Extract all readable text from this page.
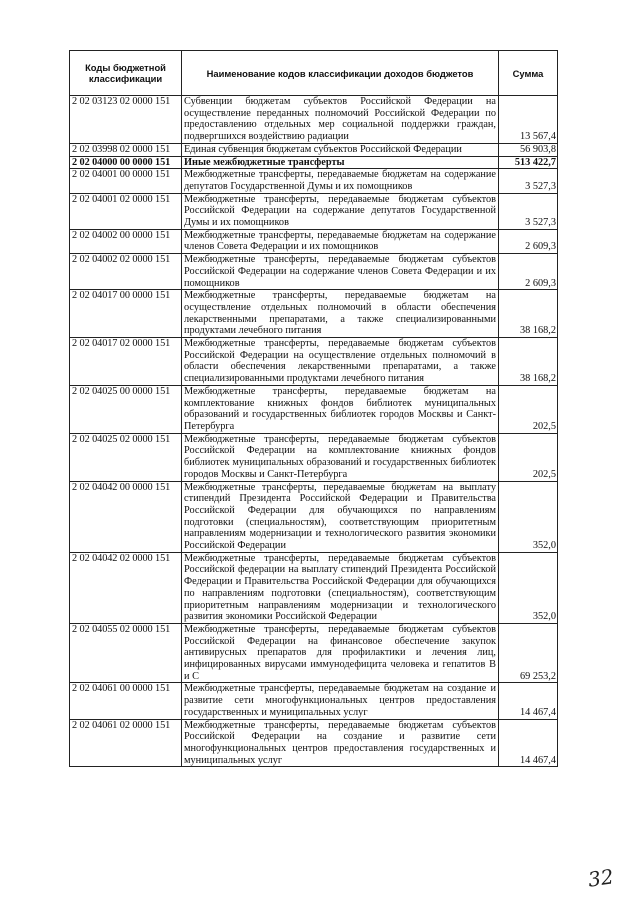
Коды бюджетной классификации	Наименование кодов классификации доходов бюджетов	Сумма
2 02 03123 02 0000 151	Субвенции бюджетам субъектов Российской Федерации на осуществление переданных полномочий Российской Федерации по предоставлению отдельных мер социальной поддержки граждан, подвергшихся воздействию радиации	13 567,4
2 02 03998 02 0000 151	Единая субвенция бюджетам субъектов Российской Федерации	56 903,8
2 02 04000 00 0000 151	Иные межбюджетные трансферты	513 422,7
2 02 04001 00 0000 151	Межбюджетные трансферты, передаваемые бюджетам на содержание депутатов Государственной Думы и их помощников	3 527,3
2 02 04001 02 0000 151	Межбюджетные трансферты, передаваемые бюджетам субъектов Российской Федерации на содержание депутатов Государственной Думы и их помощников	3 527,3
2 02 04002 00 0000 151	Межбюджетные трансферты, передаваемые бюджетам на содержание членов Совета Федерации и их помощников	2 609,3
2 02 04002 02 0000 151	Межбюджетные трансферты, передаваемые бюджетам субъектов Российской Федерации на содержание членов Совета Федерации и их помощников	2 609,3
2 02 04017 00 0000 151	Межбюджетные трансферты, передаваемые бюджетам на осуществление отдельных полномочий в области обеспечения лекарственными препаратами, а также специализированными продуктами лечебного питания	38 168,2
2 02 04017 02 0000 151	Межбюджетные трансферты, передаваемые бюджетам субъектов Российской Федерации на осуществление отдельных полномочий в области обеспечения лекарственными препаратами, а также специализированными продуктами лечебного питания	38 168,2
2 02 04025 00 0000 151	Межбюджетные трансферты, передаваемые бюджетам на комплектование книжных фондов библиотек муниципальных образований и государственных библиотек городов Москвы и Санкт-Петербурга	202,5
2 02 04025 02 0000 151	Межбюджетные трансферты, передаваемые бюджетам субъектов Российской Федерации на комплектование книжных фондов библиотек муниципальных образований и государственных библиотек городов Москвы и Санкт-Петербурга	202,5
2 02 04042 00 0000 151	Межбюджетные трансферты, передаваемые бюджетам на выплату стипендий Президента Российской Федерации и Правительства Российской Федерации для обучающихся по направлениям подготовки (специальностям), соответствующим приоритетным направлениям модернизации и технологического развития экономики Российской Федерации	352,0
2 02 04042 02 0000 151	Межбюджетные трансферты, передаваемые бюджетам субъектов Российской федерации на выплату стипендий Президента Российской Федерации и Правительства Российской Федерации для обучающихся по направлениям подготовки (специальностям), соответствующим приоритетным направлениям модернизации и технологического развития экономики Российской Федерации	352,0
2 02 04055 02 0000 151	Межбюджетные трансферты, передаваемые бюджетам субъектов Российской Федерации на финансовое обеспечение закупок антивирусных препаратов для профилактики и лечения лиц, инфицированных вирусами иммунодефицита человека и гепатитов В и С	69 253,2
2 02 04061 00 0000 151	Межбюджетные трансферты, передаваемые бюджетам на создание и развитие сети многофункциональных центров предоставления государственных и муниципальных услуг	14 467,4
2 02 04061 02 0000 151	Межбюджетные трансферты, передаваемые бюджетам субъектов Российской Федерации на создание и развитие сети многофункциональных центров предоставления государственных и муниципальных услуг	14 467,4
32
